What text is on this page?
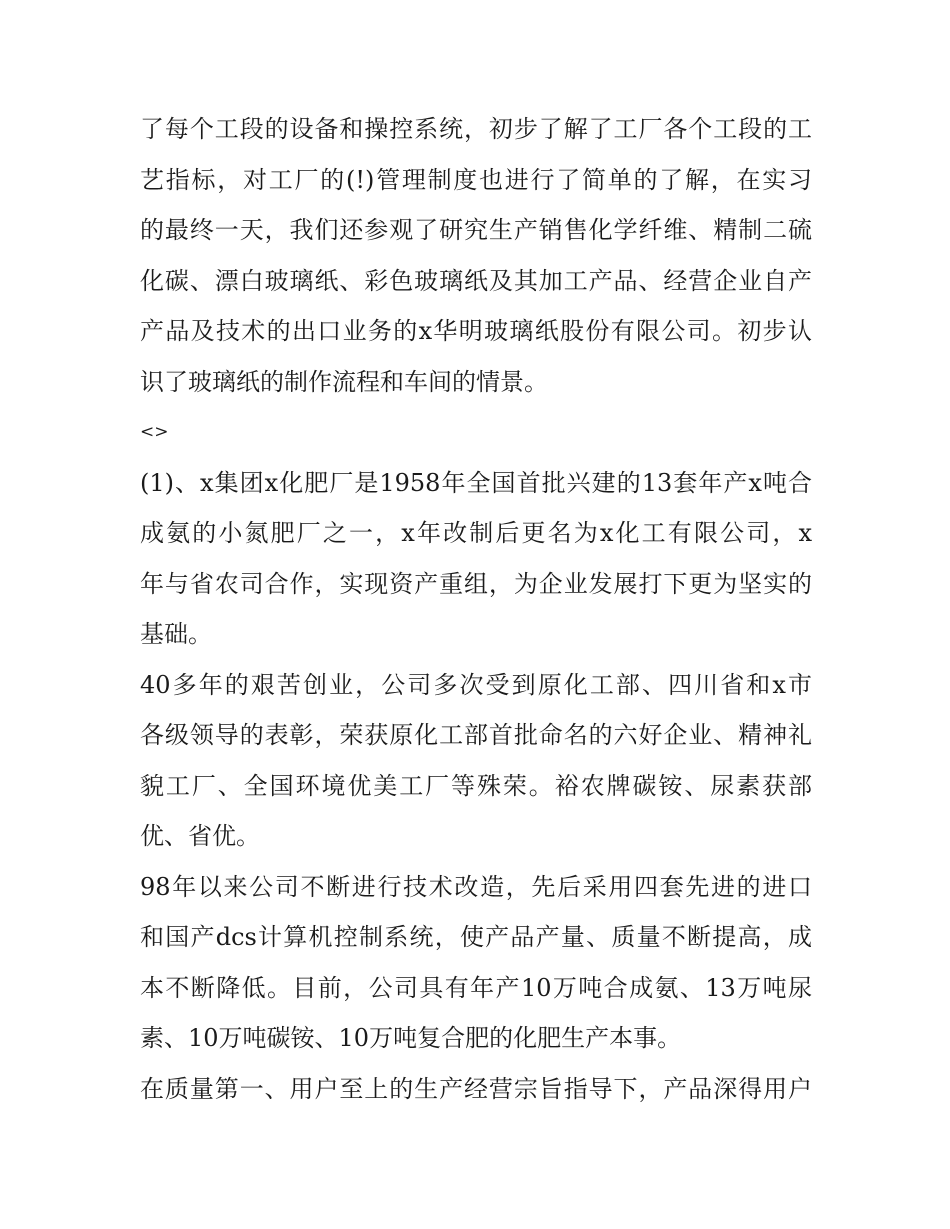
了每个工段的设备和操控系统，初步了解了工厂各个工段的工
艺指标，对工厂的(!)管理制度也进行了简单的了解，在实习
的最终一天，我们还参观了研究生产销售化学纤维、精制二硫
化碳、漂白玻璃纸、彩色玻璃纸及其加工产品、经营企业自产
产品及技术的出口业务的x华明玻璃纸股份有限公司。初步认
识了玻璃纸的制作流程和车间的情景。
<>
(1)、x集团x化肥厂是1958年全国首批兴建的13套年产x吨合
成氨的小氮肥厂之一，x年改制后更名为x化工有限公司，x
年与省农司合作，实现资产重组，为企业发展打下更为坚实的
基础。
40多年的艰苦创业，公司多次受到原化工部、四川省和x市
各级领导的表彰，荣获原化工部首批命名的六好企业、精神礼
貌工厂、全国环境优美工厂等殊荣。裕农牌碳铵、尿素获部
优、省优。
98年以来公司不断进行技术改造，先后采用四套先进的进口
和国产dcs计算机控制系统，使产品产量、质量不断提高，成
本不断降低。目前，公司具有年产10万吨合成氨、13万吨尿
素、10万吨碳铵、10万吨复合肥的化肥生产本事。
在质量第一、用户至上的生产经营宗旨指导下，产品深得用户
